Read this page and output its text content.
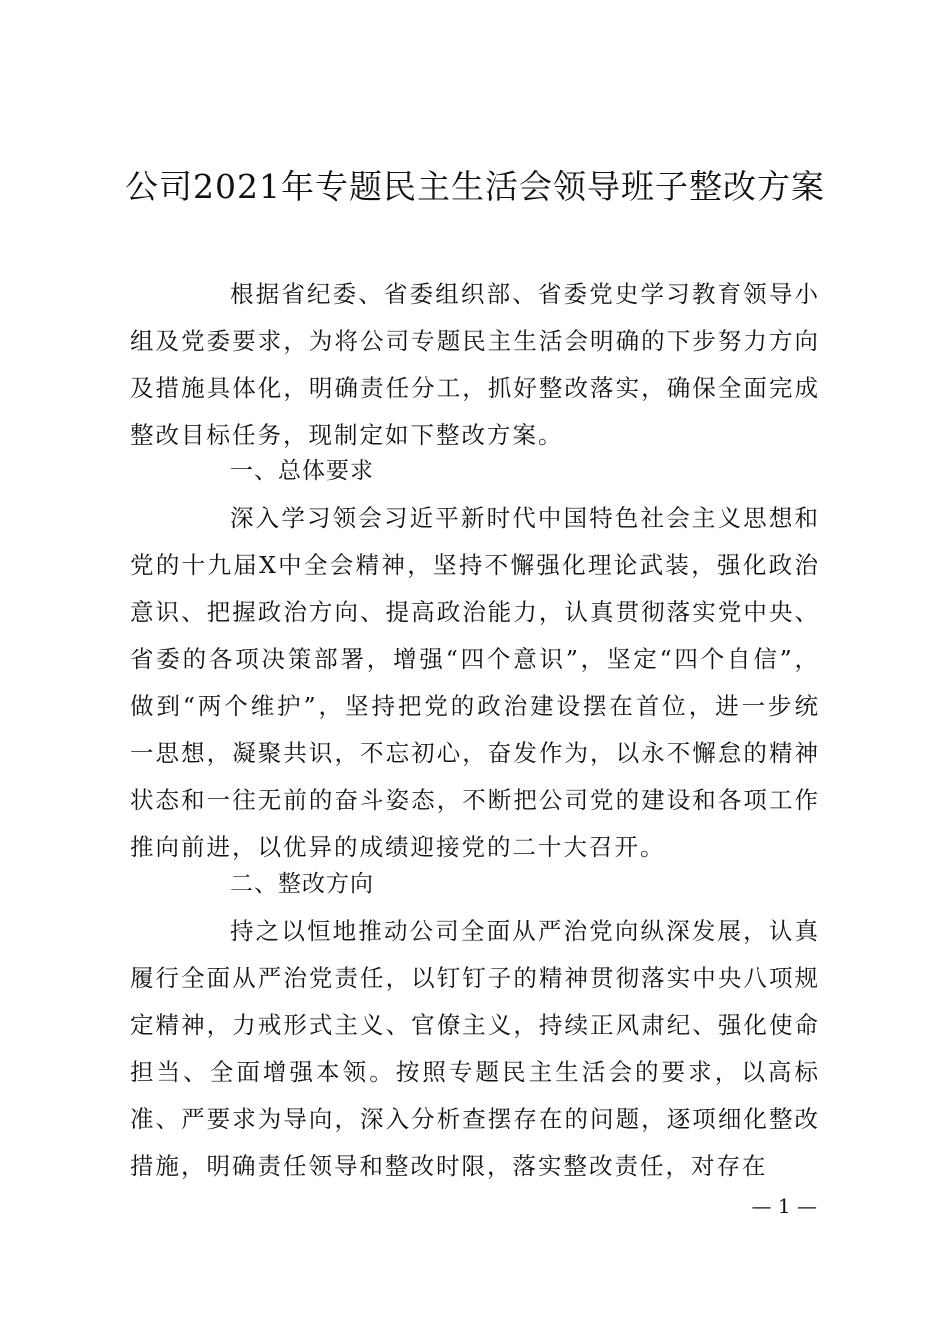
公司2021年专题民主生活会领导班子整改方案

根据省纪委、省委组织部、省委党史学习教育领导小组及党委要求，为将公司专题民主生活会明确的下步努力方向及措施具体化，明确责任分工，抓好整改落实，确保全面完成整改目标任务，现制定如下整改方案。

一、总体要求

深入学习领会习近平新时代中国特色社会主义思想和党的十九届X中全会精神，坚持不懈强化理论武装，强化政治意识、把握政治方向、提高政治能力，认真贯彻落实党中央、省委的各项决策部署，增强“四个意识”，坚定“四个自信”，做到“两个维护”，坚持把党的政治建设摆在首位，进一步统一思想，凝聚共识，不忘初心，奋发作为，以永不懈怠的精神状态和一往无前的奋斗姿态，不断把公司党的建设和各项工作推向前进，以优异的成绩迎接党的二十大召开。

二、整改方向

持之以恒地推动公司全面从严治党向纵深发展，认真履行全面从严治党责任，以钉钉子的精神贯彻落实中央八项规定精神，力戒形式主义、官僚主义，持续正风肃纪、强化使命担当、全面增强本领。按照专题民主生活会的要求，以高标准、严要求为导向，深入分析查摆存在的问题，逐项细化整改措施，明确责任领导和整改时限，落实整改责任，对存在

— 1 —
